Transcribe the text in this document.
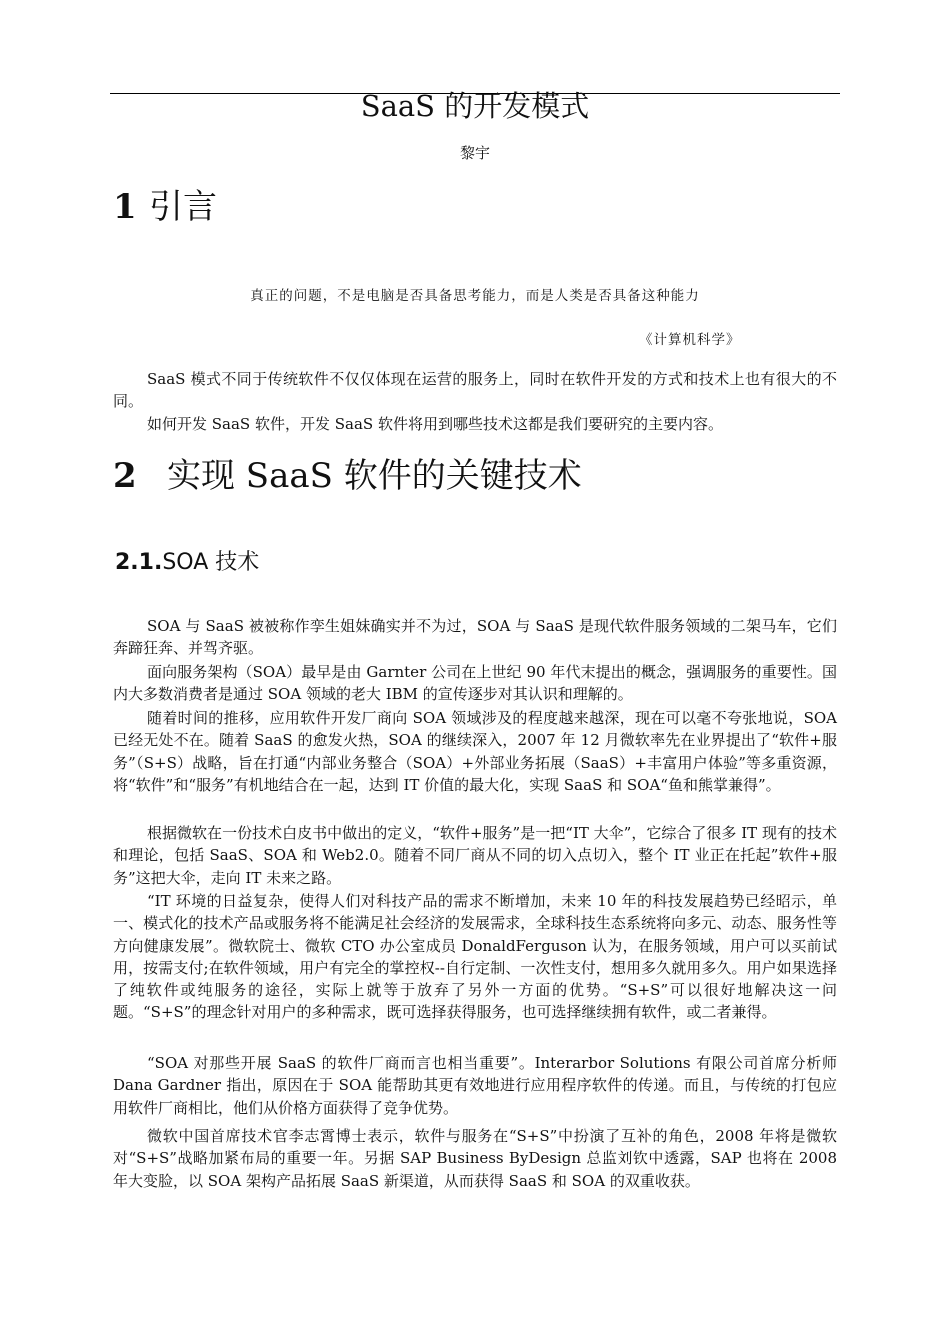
SaaS 的开发模式
黎宇
1 引言
真正的问题，不是电脑是否具备思考能力，而是人类是否具备这种能力
《计算机科学》

SaaS 模式不同于传统软件不仅仅体现在运营的服务上，同时在软件开发的方式和技术上也有很大的不同。

如何开发 SaaS 软件，开发 SaaS 软件将用到哪些技术这都是我们要研究的主要内容。

2 实现 SaaS 软件的关键技术
2.1.SOA 技术

SOA 与 SaaS 被被称作孪生姐妹确实并不为过，SOA 与 SaaS 是现代软件服务领域的二架马车，它们奔蹄狂奔、并驾齐驱。

面向服务架构（SOA）最早是由 Garnter 公司在上世纪 90 年代末提出的概念，强调服务的重要性。国内大多数消费者是通过 SOA 领域的老大 IBM 的宣传逐步对其认识和理解的。

随着时间的推移，应用软件开发厂商向 SOA 领域涉及的程度越来越深，现在可以毫不夸张地说，SOA 已经无处不在。随着 SaaS 的愈发火热，SOA 的继续深入，2007 年 12 月微软率先在业界提出了“软件+服务”（S+S）战略，旨在打通“内部业务整合（SOA）+外部业务拓展（SaaS）+丰富用户体验”等多重资源，将“软件”和“服务”有机地结合在一起，达到 IT 价值的最大化，实现 SaaS 和 SOA“鱼和熊掌兼得”。

根据微软在一份技术白皮书中做出的定义，“软件+服务”是一把“IT 大伞”，它综合了很多 IT 现有的技术和理论，包括 SaaS、SOA 和 Web2.0。随着不同厂商从不同的切入点切入，整个 IT 业正在托起”软件+服务”这把大伞，走向 IT 未来之路。

“IT 环境的日益复杂，使得人们对科技产品的需求不断增加，未来 10 年的科技发展趋势已经昭示，单一、模式化的技术产品或服务将不能满足社会经济的发展需求，全球科技生态系统将向多元、动态、服务性等方向健康发展”。微软院士、微软 CTO 办公室成员 DonaldFerguson 认为，在服务领域，用户可以买前试用，按需支付;在软件领域，用户有完全的掌控权--自行定制、一次性支付，想用多久就用多久。用户如果选择了纯软件或纯服务的途径，实际上就等于放弃了另外一方面的优势。“S+S”可以很好地解决这一问题。“S+S”的理念针对用户的多种需求，既可选择获得服务，也可选择继续拥有软件，或二者兼得。

“SOA 对那些开展 SaaS 的软件厂商而言也相当重要”。Interarbor Solutions 有限公司首席分析师 Dana Gardner 指出，原因在于 SOA 能帮助其更有效地进行应用程序软件的传递。而且，与传统的打包应用软件厂商相比，他们从价格方面获得了竞争优势。

微软中国首席技术官李志霄博士表示，软件与服务在“S+S”中扮演了互补的角色，2008 年将是微软对“S+S”战略加紧布局的重要一年。另据 SAP Business ByDesign 总监刘钦中透露，SAP 也将在 2008 年大变脸，以 SOA 架构产品拓展 SaaS 新渠道，从而获得 SaaS 和 SOA 的双重收获。
